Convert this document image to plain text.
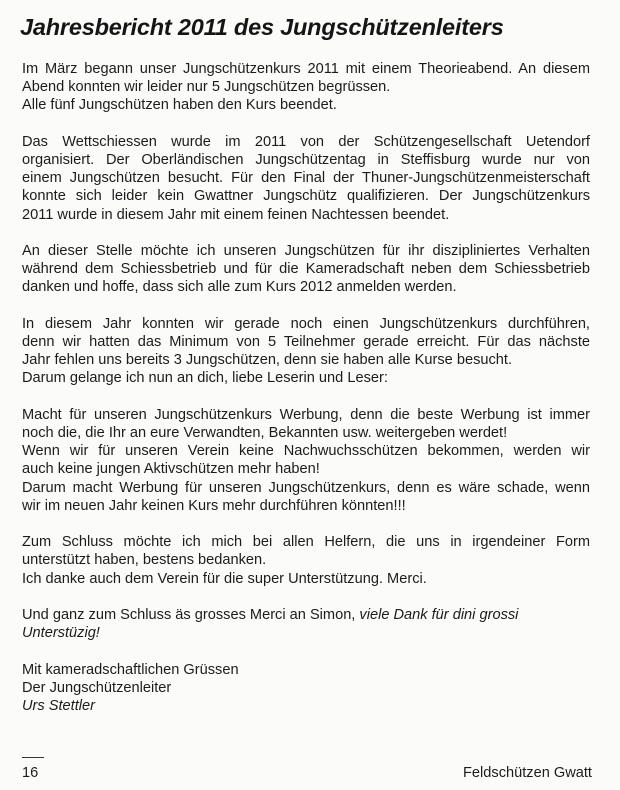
Jahresbericht 2011 des Jungschützenleiters

Im März begann unser Jungschützenkurs 2011 mit einem Theorieabend. An diesem
Abend konnten wir leider nur 5 Jungschützen begrüssen.
Alle fünf Jungschützen haben den Kurs beendet.

Das Wettschiessen wurde im 2011 von der Schützengesellschaft Uetendorf
organisiert. Der Oberländischen Jungschützentag in Steffisburg wurde nur von
einem Jungschützen besucht. Für den Final der Thuner-Jungschützenmeisterschaft
konnte sich leider kein Gwattner Jungschütz qualifizieren. Der Jungschützenkurs
2011 wurde in diesem Jahr mit einem feinen Nachtessen beendet.

An dieser Stelle möchte ich unseren Jungschützen für ihr diszipliniertes Verhalten
während dem Schiessbetrieb und für die Kameradschaft neben dem Schiessbetrieb
danken und hoffe, dass sich alle zum Kurs 2012 anmelden werden.

In diesem Jahr konnten wir gerade noch einen Jungschützenkurs durchführen,
denn wir hatten das Minimum von 5 Teilnehmer gerade erreicht. Für das nächste
Jahr fehlen uns bereits 3 Jungschützen, denn sie haben alle Kurse besucht.
Darum gelange ich nun an dich, liebe Leserin und Leser:

Macht für unseren Jungschützenkurs Werbung, denn die beste Werbung ist immer
noch die, die Ihr an eure Verwandten, Bekannten usw. weitergeben werdet!
Wenn wir für unseren Verein keine Nachwuchsschützen bekommen, werden wir
auch keine jungen Aktivschützen mehr haben!
Darum macht Werbung für unseren Jungschützenkurs, denn es wäre schade, wenn
wir im neuen Jahr keinen Kurs mehr durchführen könnten!!!

Zum Schluss möchte ich mich bei allen Helfern, die uns in irgendeiner Form
unterstützt haben, bestens bedanken.
Ich danke auch dem Verein für die super Unterstützung. Merci.

Und ganz zum Schluss äs grosses Merci an Simon, viele Dank für dini grossi Unterstüzig!

Mit kameradschaftlichen Grüssen
Der Jungschützenleiter
Urs Stettler

16	Feldschützen Gwatt
